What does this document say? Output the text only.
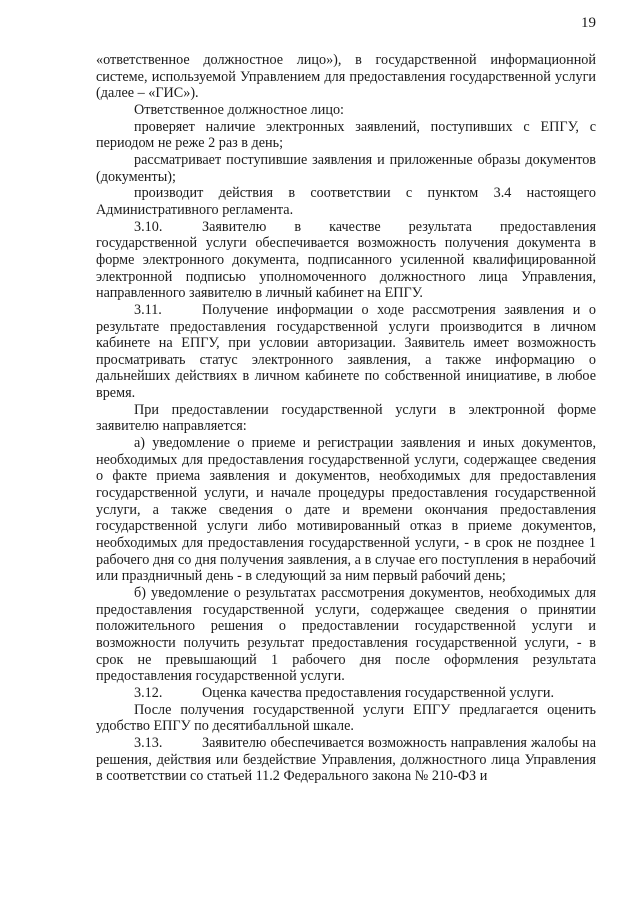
19

«ответственное должностное лицо»), в государственной информационной системе, используемой Управлением для предоставления государственной услуги (далее – «ГИС»).

Ответственное должностное лицо:

проверяет наличие электронных заявлений, поступивших с ЕПГУ, с периодом не реже 2 раз в день;

рассматривает поступившие заявления и приложенные образы документов (документы);

производит действия в соответствии с пунктом 3.4 настоящего Административного регламента.

3.10.	Заявителю в качестве результата предоставления государственной услуги обеспечивается возможность получения документа в форме электронного документа, подписанного усиленной квалифицированной электронной подписью уполномоченного должностного лица Управления, направленного заявителю в личный кабинет на ЕПГУ.

3.11.	Получение информации о ходе рассмотрения заявления и о результате предоставления государственной услуги производится в личном кабинете на ЕПГУ, при условии авторизации. Заявитель имеет возможность просматривать статус электронного заявления, а также информацию о дальнейших действиях в личном кабинете по собственной инициативе, в любое время.

При предоставлении государственной услуги в электронной форме заявителю направляется:

а) уведомление о приеме и регистрации заявления и иных документов, необходимых для предоставления государственной услуги, содержащее сведения о факте приема заявления и документов, необходимых для предоставления государственной услуги, и начале процедуры предоставления государственной услуги, а также сведения о дате и времени окончания предоставления государственной услуги либо мотивированный отказ в приеме документов, необходимых для предоставления государственной услуги, - в срок не позднее 1 рабочего дня со дня получения заявления, а в случае его поступления в нерабочий или праздничный день - в следующий за ним первый рабочий день;

б) уведомление о результатах рассмотрения документов, необходимых для предоставления государственной услуги, содержащее сведения о принятии положительного решения о предоставлении государственной услуги и возможности получить результат предоставления государственной услуги, - в срок не превышающий 1 рабочего дня после оформления результата предоставления государственной услуги.

3.12.	Оценка качества предоставления государственной услуги.

После получения государственной услуги ЕПГУ предлагается оценить удобство ЕПГУ по десятибалльной шкале.

3.13.	Заявителю обеспечивается возможность направления жалобы на решения, действия или бездействие Управления, должностного лица Управления в соответствии со статьей 11.2 Федерального закона № 210-ФЗ и
